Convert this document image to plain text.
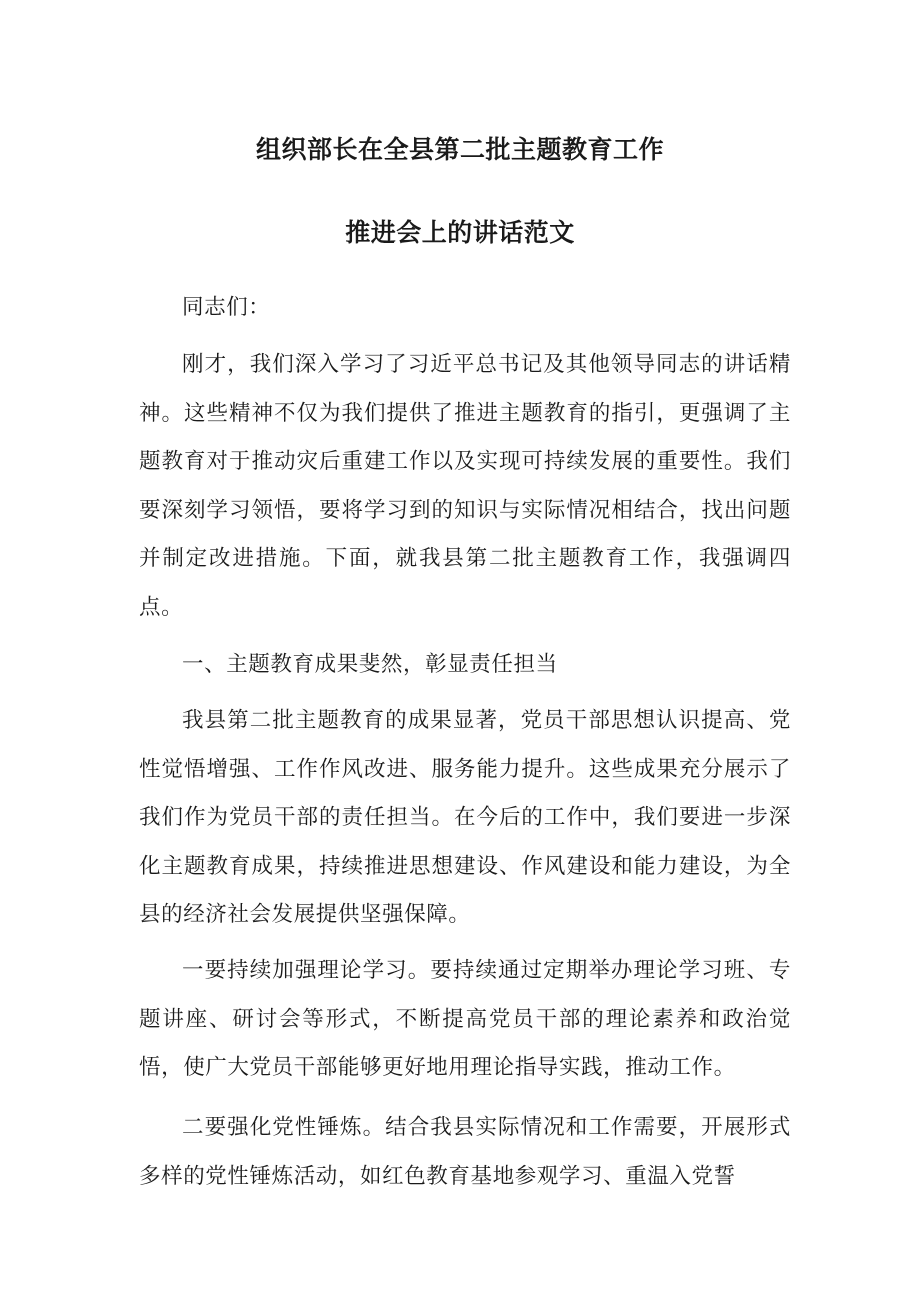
组织部长在全县第二批主题教育工作
推进会上的讲话范文
同志们：
刚才，我们深入学习了习近平总书记及其他领导同志的讲话精神。这些精神不仅为我们提供了推进主题教育的指引，更强调了主题教育对于推动灾后重建工作以及实现可持续发展的重要性。我们要深刻学习领悟，要将学习到的知识与实际情况相结合，找出问题并制定改进措施。下面，就我县第二批主题教育工作，我强调四点。
一、主题教育成果斐然，彰显责任担当
我县第二批主题教育的成果显著，党员干部思想认识提高、党性觉悟增强、工作作风改进、服务能力提升。这些成果充分展示了我们作为党员干部的责任担当。在今后的工作中，我们要进一步深化主题教育成果，持续推进思想建设、作风建设和能力建设，为全县的经济社会发展提供坚强保障。
一要持续加强理论学习。要持续通过定期举办理论学习班、专题讲座、研讨会等形式，不断提高党员干部的理论素养和政治觉悟，使广大党员干部能够更好地用理论指导实践，推动工作。
二要强化党性锤炼。结合我县实际情况和工作需要，开展形式多样的党性锤炼活动，如红色教育基地参观学习、重温入党誓
